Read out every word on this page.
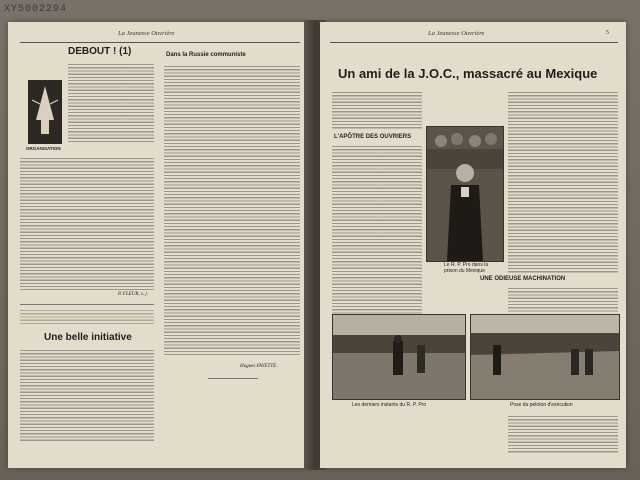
XY5002294
La Jeunesse Ouvrière
DEBOUT ! (1)	Dans la Russie communiste
ORGANISATION
P. FLEUR, s. j.
Une belle initiative
Hugues FAYETTE.
La Jeunesse Ouvrière	5
Un ami de la J.O.C., massacré au Mexique
L'APÔTRE DES OUVRIERS
Le R. P. Pro dans la prison du Mexique
UNE ODIEUSE MACHINATION
Les derniers instants du R. P. Pro	Pose du peloton d'exécution
